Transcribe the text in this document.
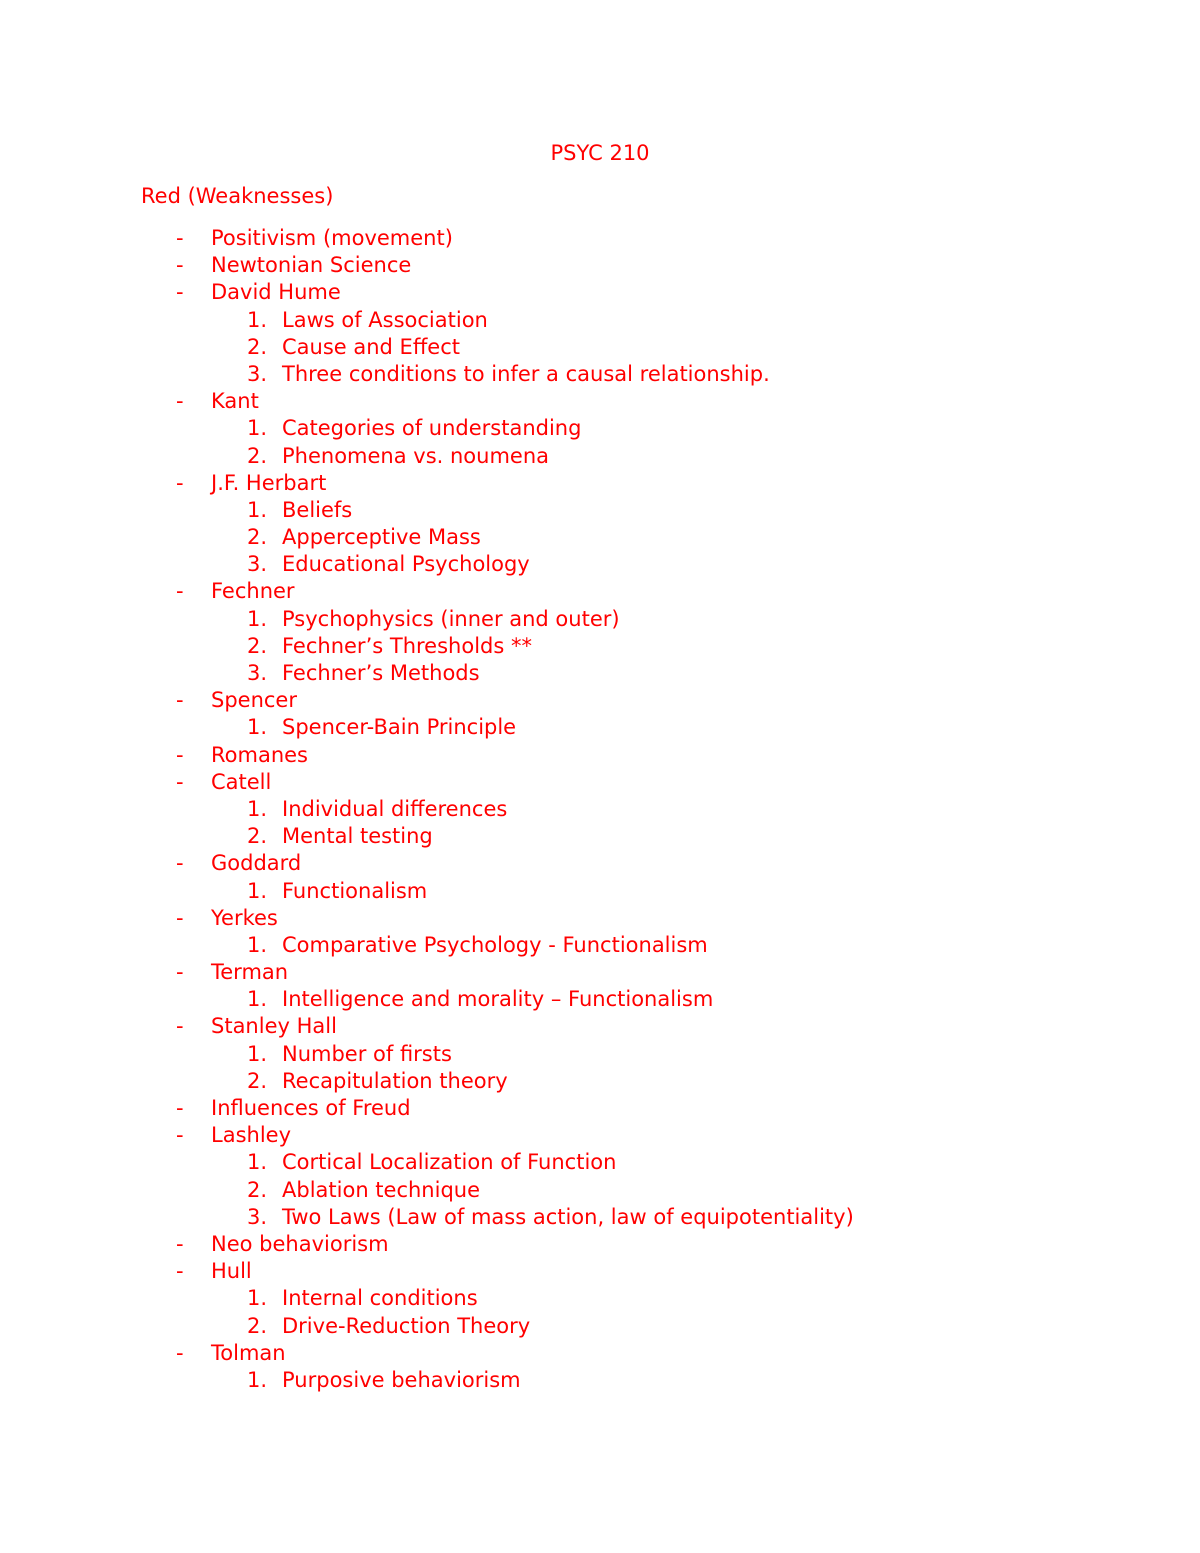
PSYC 210
Red (Weaknesses)
- Positivism (movement)
- Newtonian Science
- David Hume
1. Laws of Association
2. Cause and Effect
3. Three conditions to infer a causal relationship.
- Kant
1. Categories of understanding
2. Phenomena vs. noumena
- J.F. Herbart
1. Beliefs
2. Apperceptive Mass
3. Educational Psychology
- Fechner
1. Psychophysics (inner and outer)
2. Fechner’s Thresholds **
3. Fechner’s Methods
- Spencer
1. Spencer-Bain Principle
- Romanes
- Catell
1. Individual differences
2. Mental testing
- Goddard
1. Functionalism
- Yerkes
1. Comparative Psychology - Functionalism
- Terman
1. Intelligence and morality – Functionalism
- Stanley Hall
1. Number of firsts
2. Recapitulation theory
- Influences of Freud
- Lashley
1. Cortical Localization of Function
2. Ablation technique
3. Two Laws (Law of mass action, law of equipotentiality)
- Neo behaviorism
- Hull
1. Internal conditions
2. Drive-Reduction Theory
- Tolman
1. Purposive behaviorism
